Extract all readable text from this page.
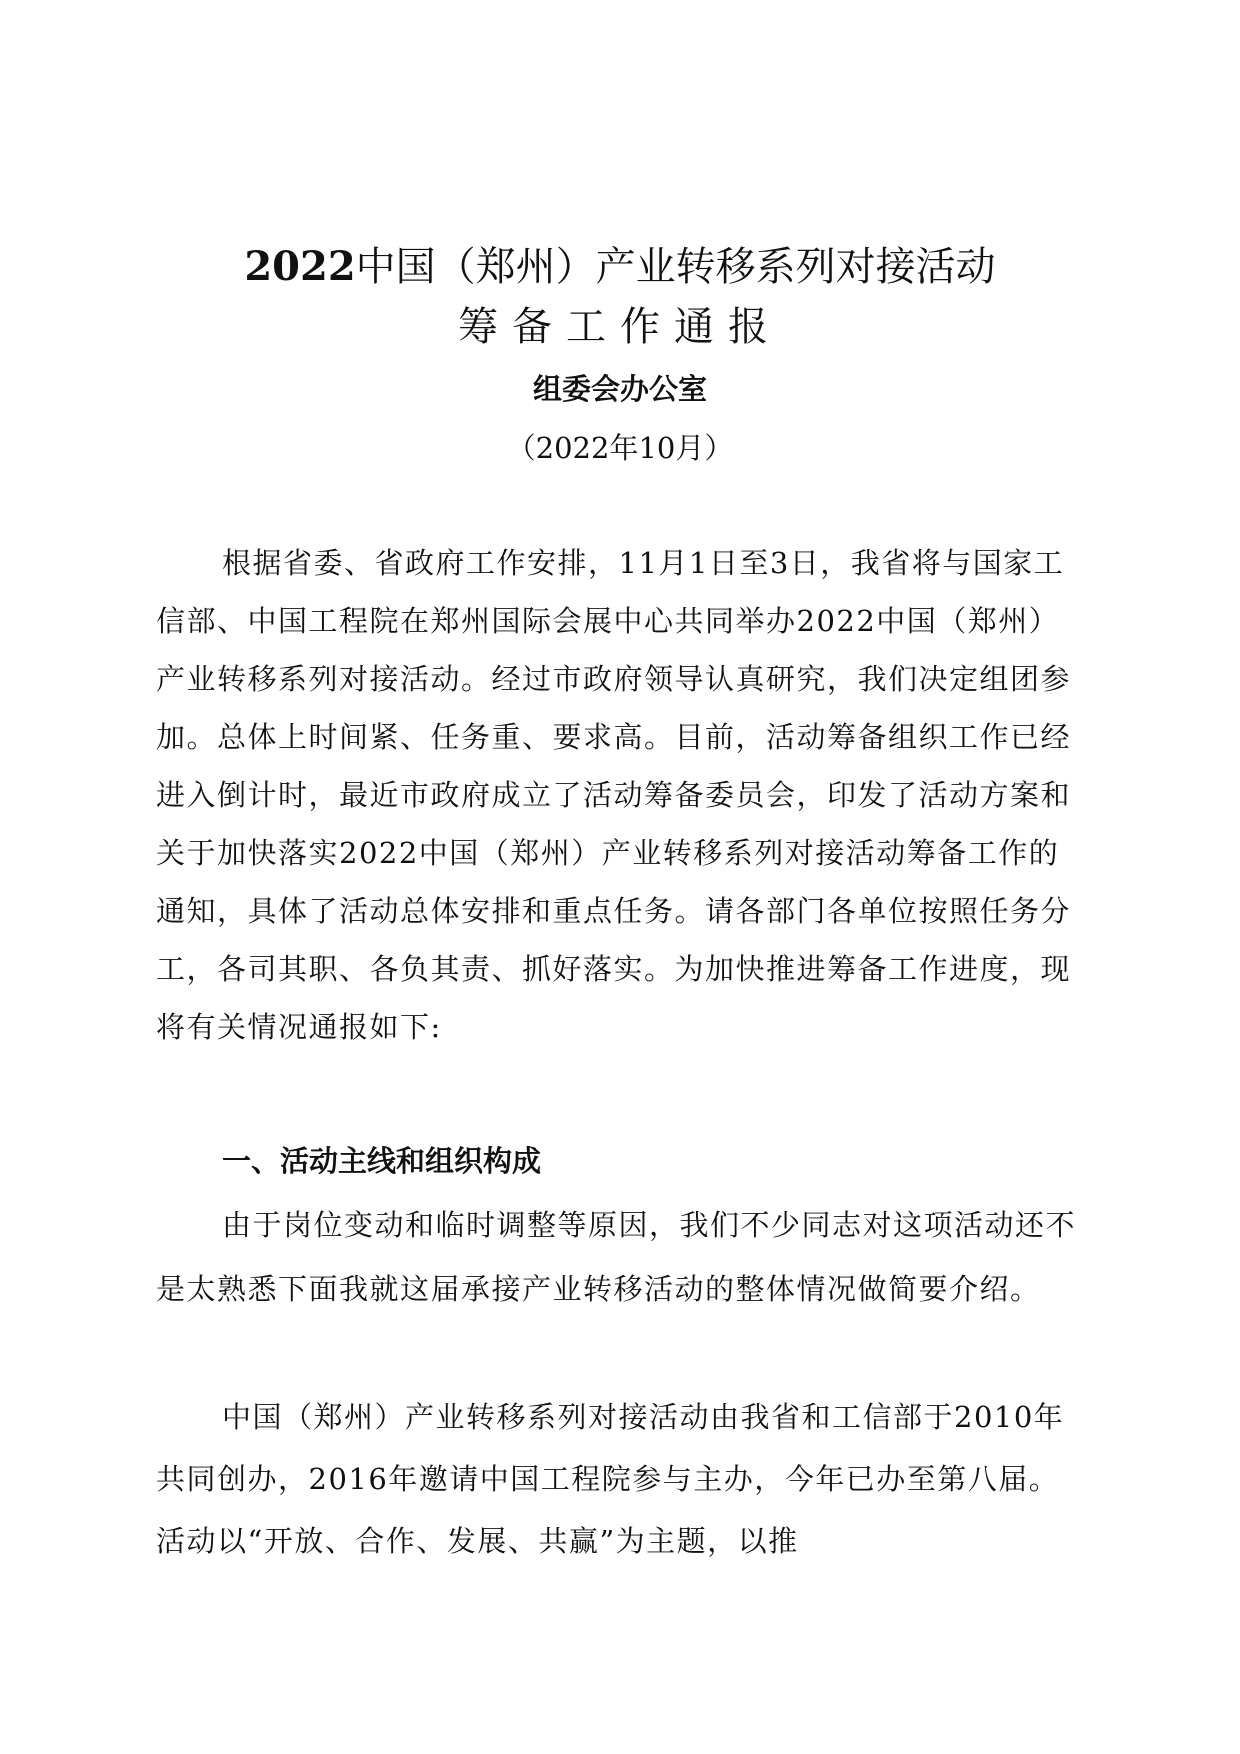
2022中国（郑州）产业转移系列对接活动
筹备工作通报

组委会办公室

（2022年10月）

根据省委、省政府工作安排，11月1日至3日，我省将与国家工信部、中国工程院在郑州国际会展中心共同举办2022中国（郑州）产业转移系列对接活动。经过市政府领导认真研究，我们决定组团参加。总体上时间紧、任务重、要求高。目前，活动筹备组织工作已经进入倒计时，最近市政府成立了活动筹备委员会，印发了活动方案和关于加快落实2022中国（郑州）产业转移系列对接活动筹备工作的通知，具体了活动总体安排和重点任务。请各部门各单位按照任务分工，各司其职、各负其责、抓好落实。为加快推进筹备工作进度，现将有关情况通报如下:

一、活动主线和组织构成

由于岗位变动和临时调整等原因，我们不少同志对这项活动还不是太熟悉下面我就这届承接产业转移活动的整体情况做简要介绍。

中国（郑州）产业转移系列对接活动由我省和工信部于2010年共同创办，2016年邀请中国工程院参与主办，今年已办至第八届。活动以“开放、合作、发展、共赢”为主题，以推
